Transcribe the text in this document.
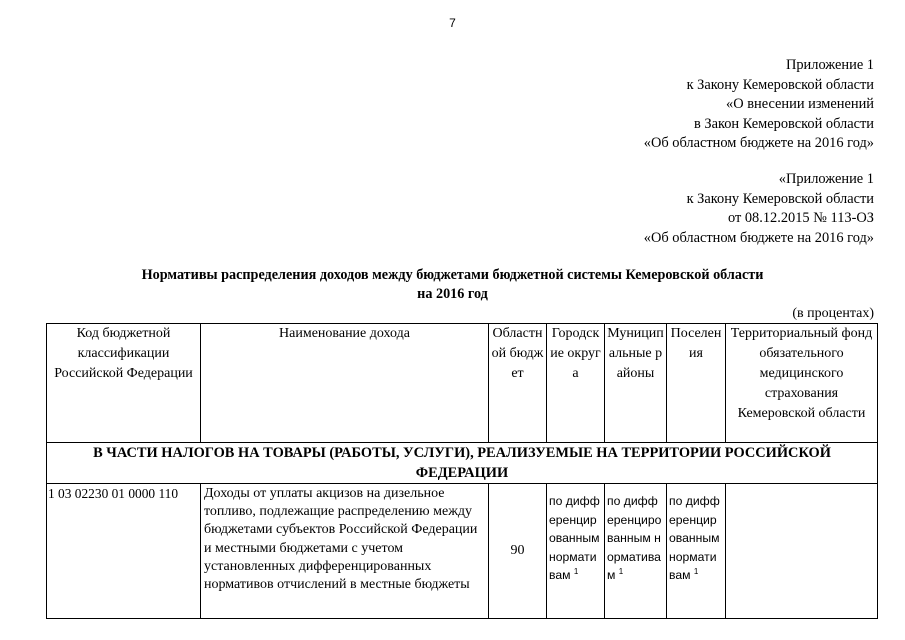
7
Приложение 1
к Закону Кемеровской области
«О внесении изменений
в Закон Кемеровской области
«Об областном бюджете на 2016 год»
«Приложение 1
к Закону Кемеровской области
от 08.12.2015 № 113-ОЗ
«Об областном бюджете на 2016 год»
Нормативы распределения доходов между бюджетами бюджетной системы Кемеровской области
на 2016 год
(в процентах)
Код бюджетной классификации Российской Федерации	Наименование дохода	Областной бюджет	Городские округа	Муниципальные районы	Поселения	Территориальный фонд обязательного медицинского страхования Кемеровской области
В ЧАСТИ НАЛОГОВ НА ТОВАРЫ (РАБОТЫ, УСЛУГИ), РЕАЛИЗУЕМЫЕ НА ТЕРРИТОРИИ РОССИЙСКОЙ ФЕДЕРАЦИИ						
1 03 02230 01 0000 110	Доходы от уплаты акцизов на дизельное топливо, подлежащие распределению между бюджетами субъектов Российской Федерации и местными бюджетами с учетом установленных дифференцированных нормативов отчислений в местные бюджеты	90	по дифференцированным нормативам $^1$	по дифференцированным нормативам $^1$	по дифференцированным нормативам $^1$	
